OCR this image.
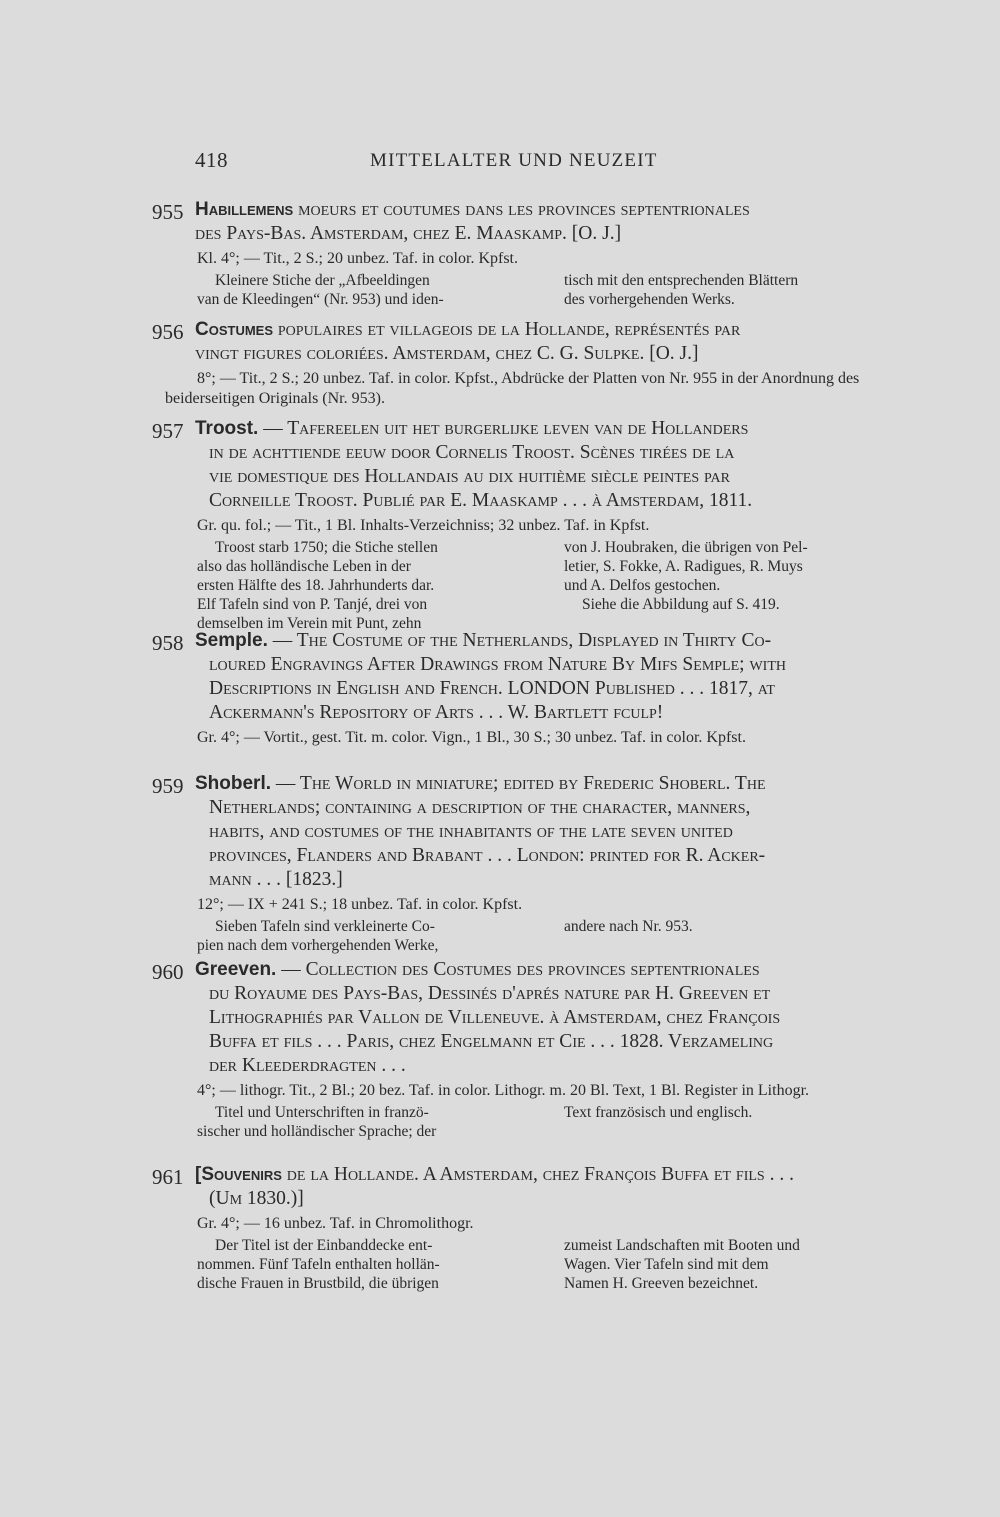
418	MITTELALTER UND NEUZEIT
955 Habillemens moeurs et coutumes dans les provinces septentrionales

des Pays-Bas. Amsterdam, chez E. Maaskamp. [O. J.]

Kl. 4°; — Tit., 2 S.; 20 unbez. Taf. in color. Kpfst.

Kleinere Stiche der „Afbeeldingen

van de Kleedingen“ (Nr. 953) und iden-

tisch mit den entsprechenden Blättern

des vorhergehenden Werks.

956 Costumes populaires et villageois de la Hollande, représentés par

vingt figures coloriées. Amsterdam, chez C. G. Sulpke. [O. J.]

8°; — Tit., 2 S.; 20 unbez. Taf. in color. Kpfst., Abdrücke der Platten von Nr. 955 in der Anordnung des beiderseitigen Originals (Nr. 953).

957 Troost. — Tafereelen uit het burgerlijke leven van de Hollanders

in de achttiende eeuw door Cornelis Troost. Scènes tirées de la

vie domestique des Hollandais au dix huitième siècle peintes par

Corneille Troost. Publié par E. Maaskamp . . . à Amsterdam, 1811.

Gr. qu. fol.; — Tit., 1 Bl. Inhalts-Verzeichniss; 32 unbez. Taf. in Kpfst.

Troost starb 1750; die Stiche stellen

also das holländische Leben in der

ersten Hälfte des 18. Jahrhunderts dar.

Elf Tafeln sind von P. Tanjé, drei von

demselben im Verein mit Punt, zehn

von J. Houbraken, die übrigen von Pel-

letier, S. Fokke, A. Radigues, R. Muys

und A. Delfos gestochen.

Siehe die Abbildung auf S. 419.

958 Semple. — The Costume of the Netherlands, Displayed in Thirty Co-

loured Engravings After Drawings from Nature By Mifs Semple; with

Descriptions in English and French. LONDON Published . . . 1817, at

Ackermann's Repository of Arts . . . W. Bartlett fculp!

Gr. 4°; — Vortit., gest. Tit. m. color. Vign., 1 Bl., 30 S.; 30 unbez. Taf. in color. Kpfst.

959 Shoberl. — The World in miniature; edited by Frederic Shoberl. The

Netherlands; containing a description of the character, manners,

habits, and costumes of the inhabitants of the late seven united

provinces, Flanders and Brabant . . . London: printed for R. Acker-

mann . . . [1823.]

12°; — IX + 241 S.; 18 unbez. Taf. in color. Kpfst.

Sieben Tafeln sind verkleinerte Co-

pien nach dem vorhergehenden Werke,

andere nach Nr. 953.

960 Greeven. — Collection des Costumes des provinces septentrionales

du Royaume des Pays-Bas, Dessinés d'aprés nature par H. Greeven et

Lithographiés par Vallon de Villeneuve. à Amsterdam, chez François

Buffa et fils . . . Paris, chez Engelmann et Cie . . . 1828. Verzameling

der Kleederdragten . . .

4°; — lithogr. Tit., 2 Bl.; 20 bez. Taf. in color. Lithogr. m. 20 Bl. Text, 1 Bl. Register in Lithogr.

Titel und Unterschriften in franzö-

sischer und holländischer Sprache; der

Text französisch und englisch.

961 [Souvenirs de la Hollande. A Amsterdam, chez François Buffa et fils . . .

(Um 1830.)]

Gr. 4°; — 16 unbez. Taf. in Chromolithogr.

Der Titel ist der Einbanddecke ent-

nommen. Fünf Tafeln enthalten hollän-

dische Frauen in Brustbild, die übrigen

zumeist Landschaften mit Booten und

Wagen. Vier Tafeln sind mit dem

Namen H. Greeven bezeichnet.
